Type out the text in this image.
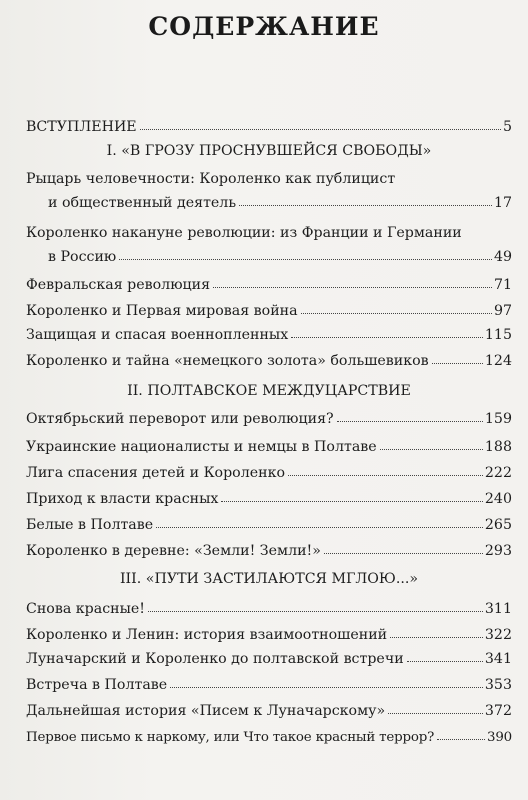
СОДЕРЖАНИЕ
ВСТУПЛЕНИЕ	5
I. «В ГРОЗУ ПРОСНУВШЕЙСЯ СВОБОДЫ»
Рыцарь человечности: Короленко как публицист
и общественный деятель	17
Короленко накануне революции: из Франции и Германии
в Россию	49
Февральская революция	71
Короленко и Первая мировая война	97
Защищая и спасая военнопленных	115
Короленко и тайна «немецкого золота» большевиков	124
II. ПОЛТАВСКОЕ МЕЖДУЦАРСТВИЕ
Октябрьский переворот или революция?	159
Украинские националисты и немцы в Полтаве	188
Лига спасения детей и Короленко	222
Приход к власти красных	240
Белые в Полтаве	265
Короленко в деревне: «Земли! Земли!»	293
III. «ПУТИ ЗАСТИЛАЮТСЯ МГЛОЮ...»
Снова красные!	311
Короленко и Ленин: история взаимоотношений	322
Луначарский и Короленко до полтавской встречи	341
Встреча в Полтаве	353
Дальнейшая история «Писем к Луначарскому»	372
Первое письмо к наркому, или Что такое красный террор?	390
